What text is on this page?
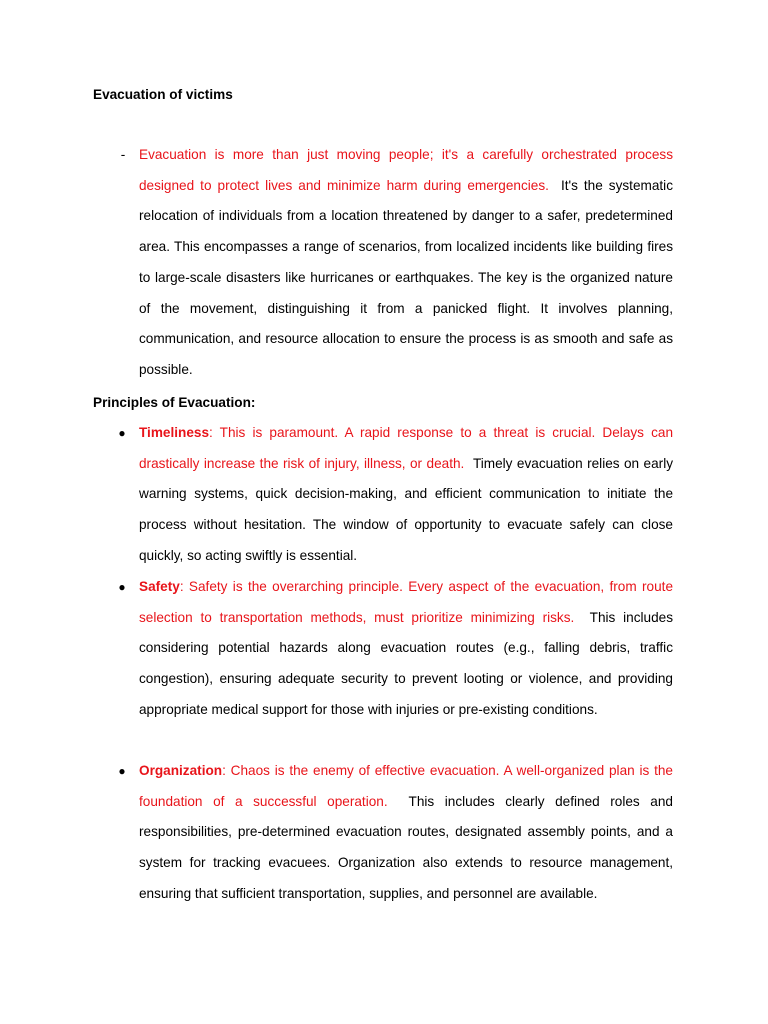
Evacuation of victims
-	Evacuation is more than just moving people; it's a carefully orchestrated process designed to protect lives and minimize harm during emergencies. It's the systematic relocation of individuals from a location threatened by danger to a safer, predetermined area. This encompasses a range of scenarios, from localized incidents like building fires to large-scale disasters like hurricanes or earthquakes. The key is the organized nature of the movement, distinguishing it from a panicked flight. It involves planning, communication, and resource allocation to ensure the process is as smooth and safe as possible.
Principles of Evacuation:
● Timeliness: This is paramount. A rapid response to a threat is crucial. Delays can drastically increase the risk of injury, illness, or death. Timely evacuation relies on early warning systems, quick decision-making, and efficient communication to initiate the process without hesitation. The window of opportunity to evacuate safely can close quickly, so acting swiftly is essential.
● Safety: Safety is the overarching principle. Every aspect of the evacuation, from route selection to transportation methods, must prioritize minimizing risks. This includes considering potential hazards along evacuation routes (e.g., falling debris, traffic congestion), ensuring adequate security to prevent looting or violence, and providing appropriate medical support for those with injuries or pre-existing conditions.
● Organization: Chaos is the enemy of effective evacuation. A well-organized plan is the foundation of a successful operation. This includes clearly defined roles and responsibilities, pre-determined evacuation routes, designated assembly points, and a system for tracking evacuees. Organization also extends to resource management, ensuring that sufficient transportation, supplies, and personnel are available.
